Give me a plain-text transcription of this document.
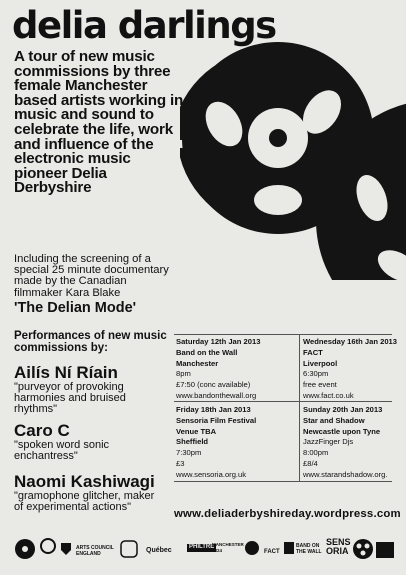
delia darlings
A tour of new music commissions by three female Manchester based artists working in music and sound to celebrate the life, work and influence of the electronic music pioneer Delia Derbyshire
Including the screening of a special 25 minute documentary made by the Canadian filmmaker Kara Blake
'The Delian Mode'
Performances of new music commissions by:
Ailís Ní Ríain
"purveyor of provoking harmonies and bruised rhythms"
Caro C
"spoken word sonic enchantress"
Naomi Kashiwagi
"gramophone glitcher, maker of experimental actions"
Saturday 12th Jan 2013
Band on the Wall
Manchester
8pm
£7:50 (conc available)
www.bandonthewall.org
Wednesday 16th Jan 2013
FACT
Liverpool
6:30pm
free event
www.fact.co.uk
Friday 18th Jan 2013
Sensoria Film Festival
Venue TBA
Sheffield
7:30pm
£3
www.sensoria.org.uk
Sunday 20th Jan 2013
Star and Shadow
Newcastle upon Tyne
JazzFinger Djs
8:00pm
£8/4
www.starandshadow.org.
www.deliaderbyshireday.wordpress.com
ARTS COUNCIL ENGLAND	Québec	PHILTRE
MANCHESTER 1824	FACT
BAND ON THE WALL
SENS ORIA
